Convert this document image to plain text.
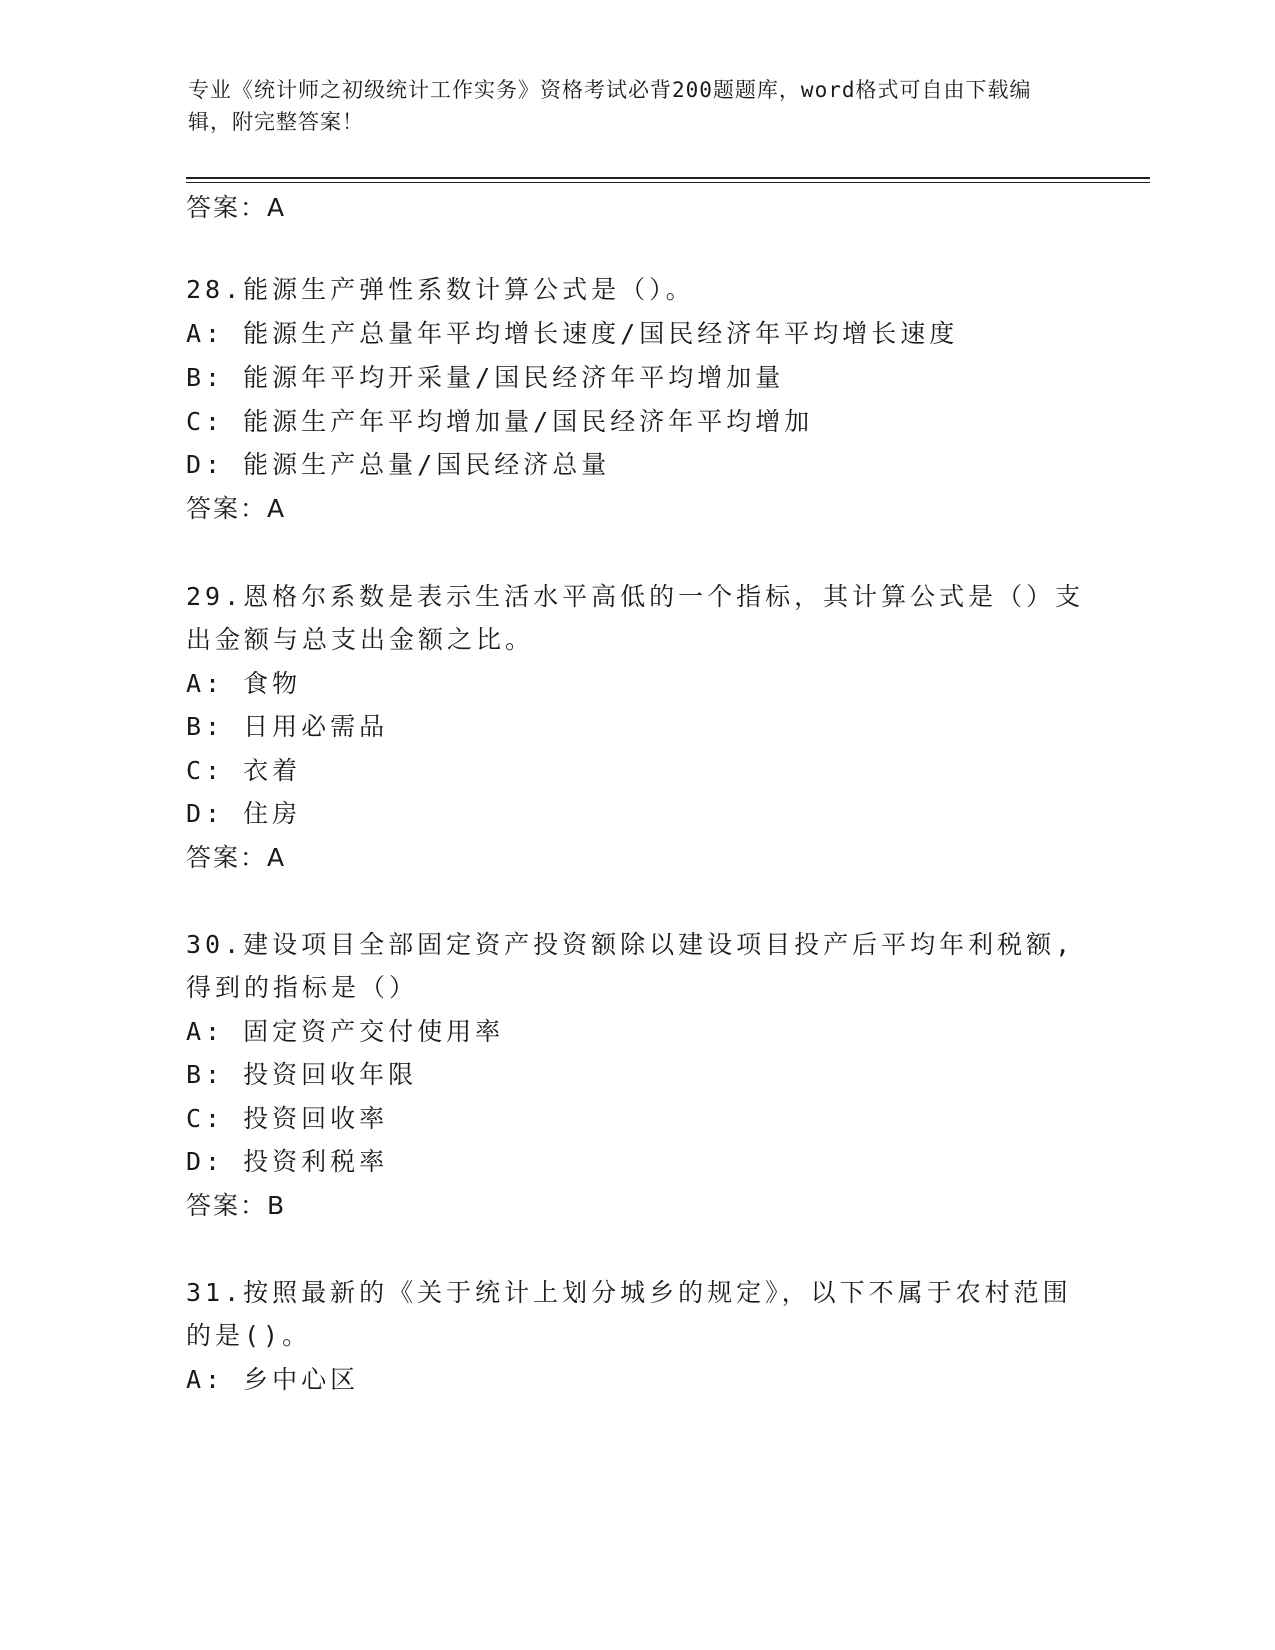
专业《统计师之初级统计工作实务》资格考试必背200题题库，word格式可自由下载编辑，附完整答案！
答案：A
28.能源生产弹性系数计算公式是（）。
A: 能源生产总量年平均增长速度/国民经济年平均增长速度
B: 能源年平均开采量/国民经济年平均增加量
C: 能源生产年平均增加量/国民经济年平均增加
D: 能源生产总量/国民经济总量
答案：A
29.恩格尔系数是表示生活水平高低的一个指标，其计算公式是（）支
出金额与总支出金额之比。
A: 食物
B: 日用必需品
C: 衣着
D: 住房
答案：A
30.建设项目全部固定资产投资额除以建设项目投产后平均年利税额,
得到的指标是（）
A: 固定资产交付使用率
B: 投资回收年限
C: 投资回收率
D: 投资利税率
答案：B
31.按照最新的《关于统计上划分城乡的规定》，以下不属于农村范围
的是()。
A: 乡中心区
